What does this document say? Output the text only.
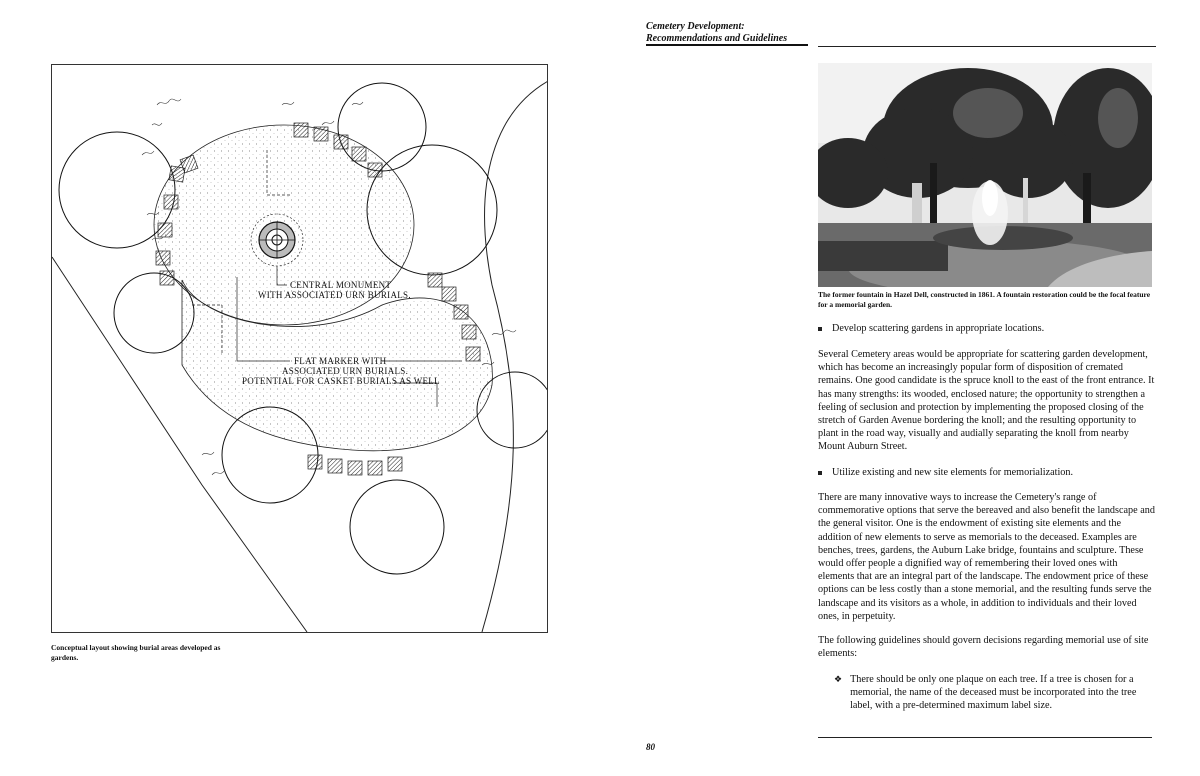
Cemetery Development:
Recommendations and Guidelines
CENTRAL MONUMENT
WITH ASSOCIATED URN BURIALS.
FLAT MARKER WITH
ASSOCIATED URN BURIALS.
POTENTIAL FOR CASKET BURIALS AS WELL
Conceptual layout showing burial areas developed as gardens.
The former fountain in Hazel Dell, constructed in 1861. A fountain restoration could be the focal feature for a memorial garden.
Develop scattering gardens in appropriate locations.
Several Cemetery areas would be appropriate for scattering garden development, which has become an increasingly popular form of disposition of cremated remains. One good candidate is the spruce knoll to the east of the front entrance. It has many strengths: its wooded, enclosed nature; the opportunity to strengthen a feeling of seclusion and protection by implementing the proposed closing of the stretch of Garden Avenue bordering the knoll; and the resulting opportunity to plant in the road way, visually and audially separating the knoll from nearby Mount Auburn Street.
Utilize existing and new site elements for memorialization.
There are many innovative ways to increase the Cemetery's range of commemorative options that serve the bereaved and also benefit the landscape and the general visitor. One is the endowment of existing site elements and the addition of new elements to serve as memorials to the deceased. Examples are benches, trees, gardens, the Auburn Lake bridge, fountains and sculpture. These would offer people a dignified way of remembering their loved ones with elements that are an integral part of the landscape. The endowment price of these options can be less costly than a stone memorial, and the resulting funds serve the landscape and its visitors as a whole, in addition to individuals and their loved ones, in perpetuity.
The following guidelines should govern decisions regarding memorial use of site elements:
❖ There should be only one plaque on each tree. If a tree is chosen for a memorial, the name of the deceased must be incorporated into the tree label, with a pre-determined maximum label size.
80
